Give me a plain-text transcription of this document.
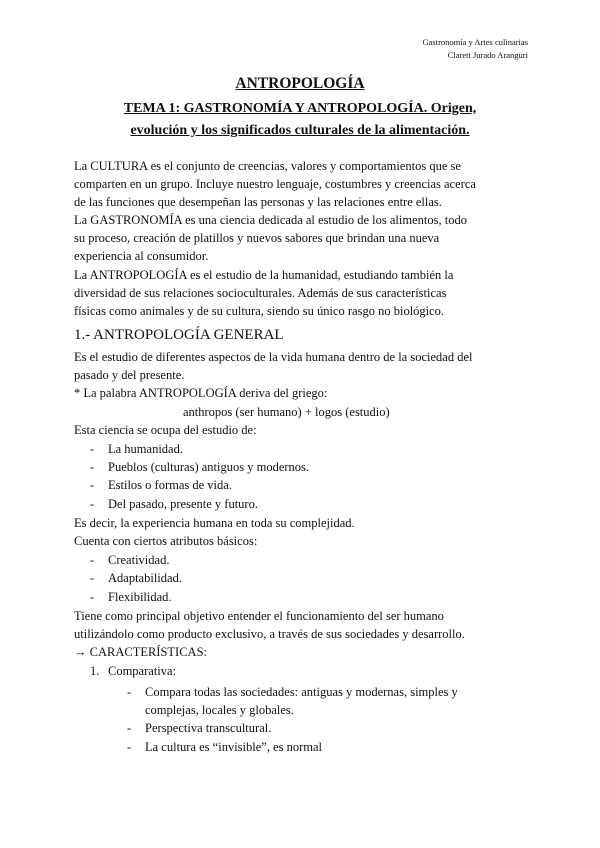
Gastronomía y Artes culinarias
Clarett Jurado Aranguri
ANTROPOLOGÍA
TEMA 1: GASTRONOMÍA Y ANTROPOLOGÍA. Origen,
evolución y los significados culturales de la alimentación.
La CULTURA es el conjunto de creencias, valores y comportamientos que se
comparten en un grupo. Incluye nuestro lenguaje, costumbres y creencias acerca
de las funciones que desempeñan las personas y las relaciones entre ellas.
La GASTRONOMÍA es una ciencia dedicada al estudio de los alimentos, todo
su proceso, creación de platillos y nuevos sabores que brindan una nueva
experiencia al consumidor.
La ANTROPOLOGÍA es el estudio de la humanidad, estudiando también la
diversidad de sus relaciones socioculturales. Además de sus características
físicas como animales y de su cultura, siendo su único rasgo no biológico.
1.- ANTROPOLOGÍA GENERAL
Es el estudio de diferentes aspectos de la vida humana dentro de la sociedad del
pasado y del presente.
* La palabra ANTROPOLOGÍA deriva del griego:
anthropos (ser humano) + logos (estudio)
Esta ciencia se ocupa del estudio de:
- La humanidad.
- Pueblos (culturas) antiguos y modernos.
- Estilos o formas de vida.
- Del pasado, presente y futuro.
Es decir, la experiencia humana en toda su complejidad.
Cuenta con ciertos atributos básicos:
- Creatividad.
- Adaptabilidad.
- Flexibilidad.
Tiene como principal objetivo entender el funcionamiento del ser humano
utilizándolo como producto exclusivo, a través de sus sociedades y desarrollo.
→ CARACTERÍSTICAS:
1. Comparativa:
- Compara todas las sociedades: antiguas y modernas, simples y
complejas, locales y globales.
- Perspectiva transcultural.
- La cultura es “invisible”, es normal
